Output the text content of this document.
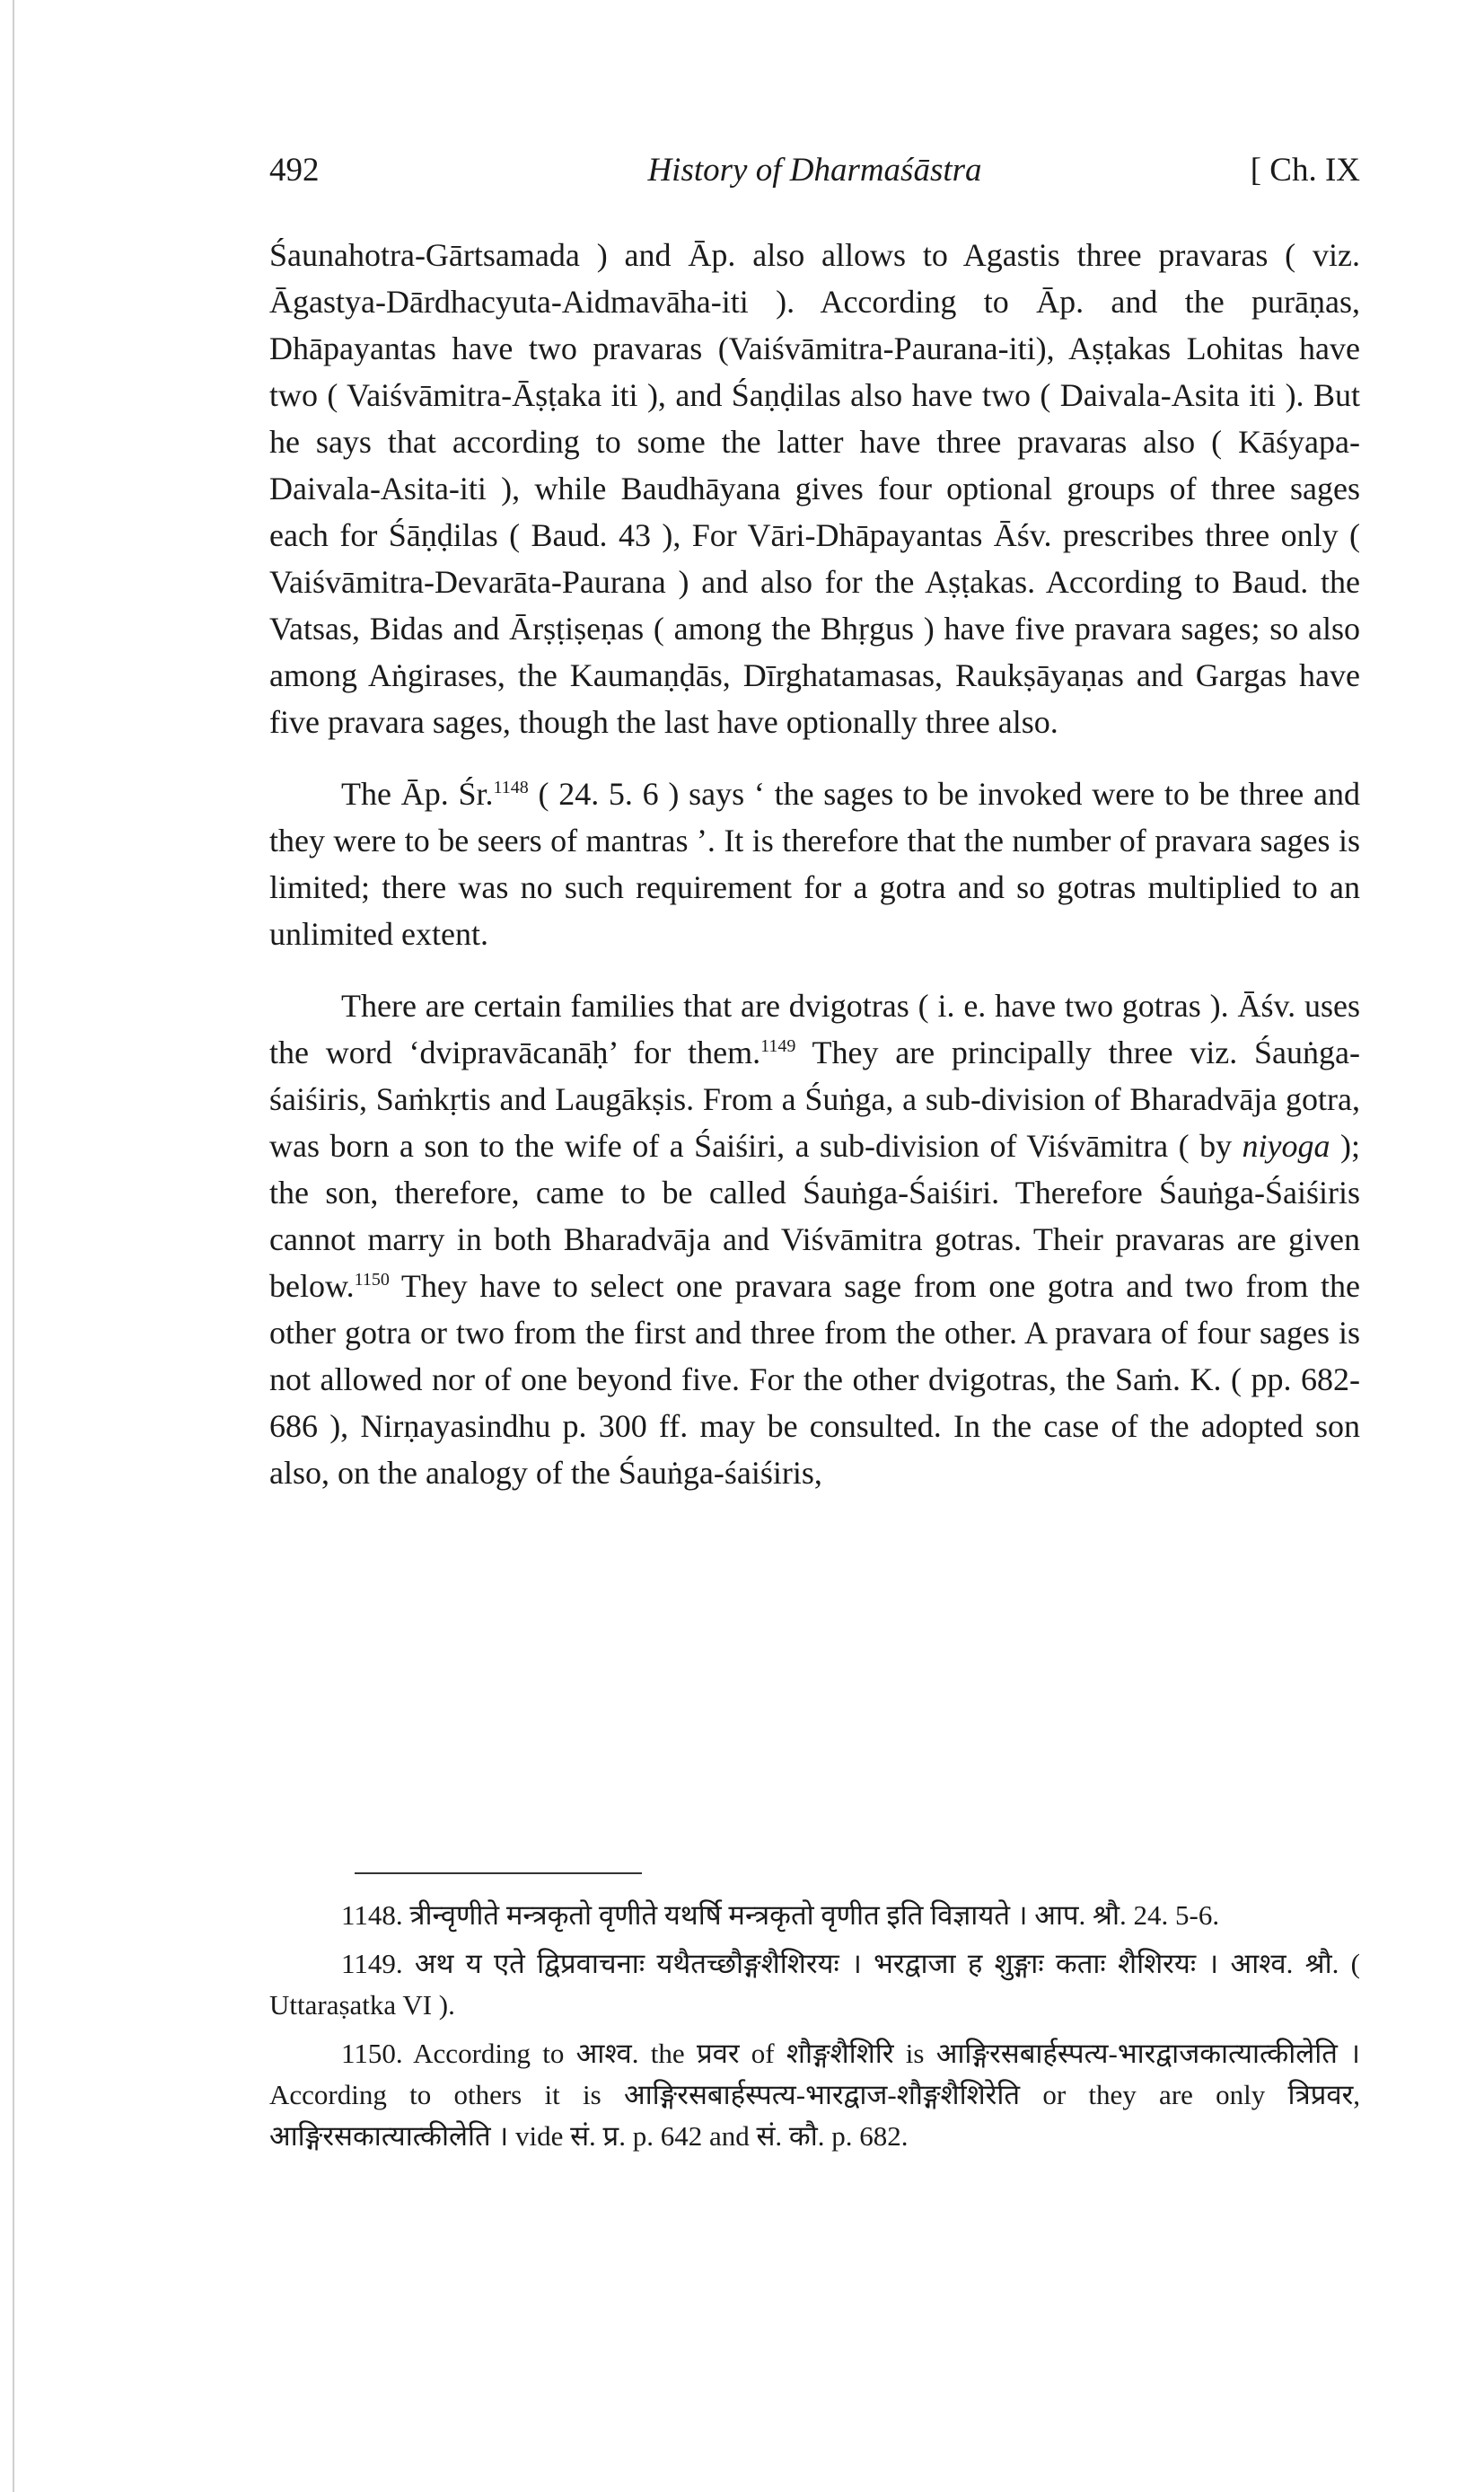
492	History of Dharmaśāstra	[ Ch. IX

Śaunahotra-Gārtsamada ) and Āp. also allows to Agastis three pravaras ( viz. Āgastya-Dārdhacyuta-Aidmavāha-iti ). According to Āp. and the purāṇas, Dhāpayantas have two pravaras (Vaiśvāmitra-Paurana-iti), Aṣṭakas Lohitas have two ( Vaiśvāmitra-Āṣṭaka iti ), and Śaṇḍilas also have two ( Daivala-Asita iti ). But he says that according to some the latter have three pravaras also ( Kāśyapa-Daivala-Asita-iti ), while Baudhāyana gives four optional groups of three sages each for Śāṇḍilas ( Baud. 43 ), For Vāri-Dhāpayantas Āśv. prescribes three only ( Vaiśvāmitra-Devarāta-Paurana ) and also for the Aṣṭakas. According to Baud. the Vatsas, Bidas and Ārṣṭiṣeṇas ( among the Bhṛgus ) have five pravara sages; so also among Aṅgirases, the Kaumaṇḍās, Dīrghatamasas, Raukṣāyaṇas and Gargas have five pravara sages, though the last have optionally three also.

The Āp. Śr.$^{1148}$ ( 24. 5. 6 ) says ‘ the sages to be invoked were to be three and they were to be seers of mantras ’. It is therefore that the number of pravara sages is limited; there was no such requirement for a gotra and so gotras multiplied to an unlimited extent.

There are certain families that are dvigotras ( i. e. have two gotras ). Āśv. uses the word ‘dvipravācanāḥ’ for them.$^{1149}$ They are principally three viz. Śauṅga-śaiśiris, Saṁkṛtis and Laugākṣis. From a Śuṅga, a sub-division of Bharadvāja gotra, was born a son to the wife of a Śaiśiri, a sub-division of Viśvāmitra ( by niyoga ); the son, therefore, came to be called Śauṅga-Śaiśiri. Therefore Śauṅga-Śaiśiris cannot marry in both Bharadvāja and Viśvāmitra gotras. Their pravaras are given below.$^{1150}$ They have to select one pravara sage from one gotra and two from the other gotra or two from the first and three from the other. A pravara of four sages is not allowed nor of one beyond five. For the other dvigotras, the Saṁ. K. ( pp. 682-686 ), Nirṇayasindhu p. 300 ff. may be consulted. In the case of the adopted son also, on the analogy of the Śauṅga-śaiśiris,

1148. त्रीन्वृणीते मन्त्रकृतो वृणीते यथर्षि मन्त्रकृतो वृणीत इति विज्ञायते । आप. श्रौ. 24. 5-6.

1149. अथ य एते द्विप्रवाचनाः यथैतच्छौङ्गशैशिरयः । भरद्वाजा ह शुङ्गाः कताः शैशिरयः । आश्व. श्रौ. ( Uttaraṣatka VI ).

1150. According to आश्व. the प्रवर of शौङ्गशैशिरि is आङ्गिरसबार्हस्पत्य-भारद्वाजकात्यात्कीलेति । According to others it is आङ्गिरसबार्हस्पत्य-भारद्वाज-शौङ्गशैशिरेति or they are only त्रिप्रवर, आङ्गिरसकात्यात्कीलेति । vide सं. प्र. p. 642 and सं. कौ. p. 682.
